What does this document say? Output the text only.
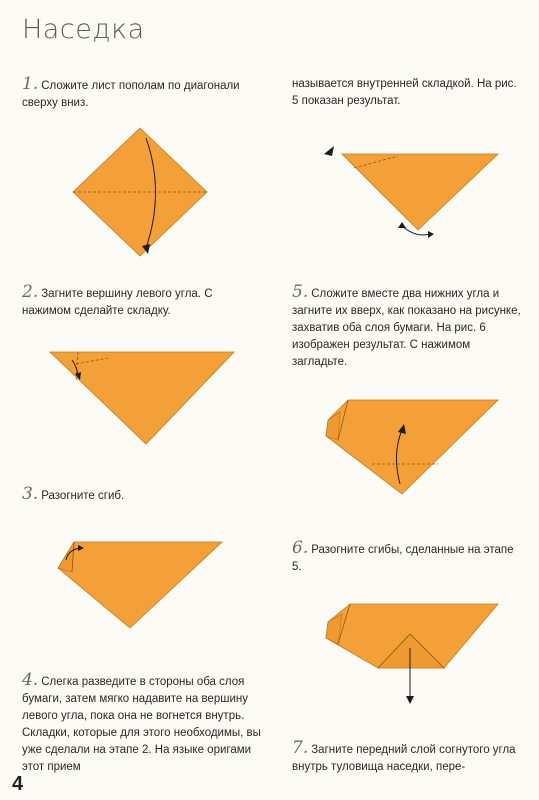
Наседка
1. Сложите лист пополам по диагонали сверху вниз.
2. Загните вершину левого угла. С нажимом сделайте складку.
3. Разогните сгиб.
4. Слегка разведите в стороны оба слоя бумаги, затем мягко надавите на вершину левого угла, пока она не вогнется внутрь. Складки, которые для этого необходимы, вы уже сделали на этапе 2. На языке оригами этот прием
4
называется внутренней складкой. На рис. 5 показан результат.
5. Сложите вместе два нижних угла и загните их вверх, как показано на рисунке, захватив оба слоя бумаги. На рис. 6 изображен результат. С нажимом загладьте.
6. Разогните сгибы, сделанные на этапе 5.
7. Загните передний слой согнутого угла внутрь туловища наседки, пере-
